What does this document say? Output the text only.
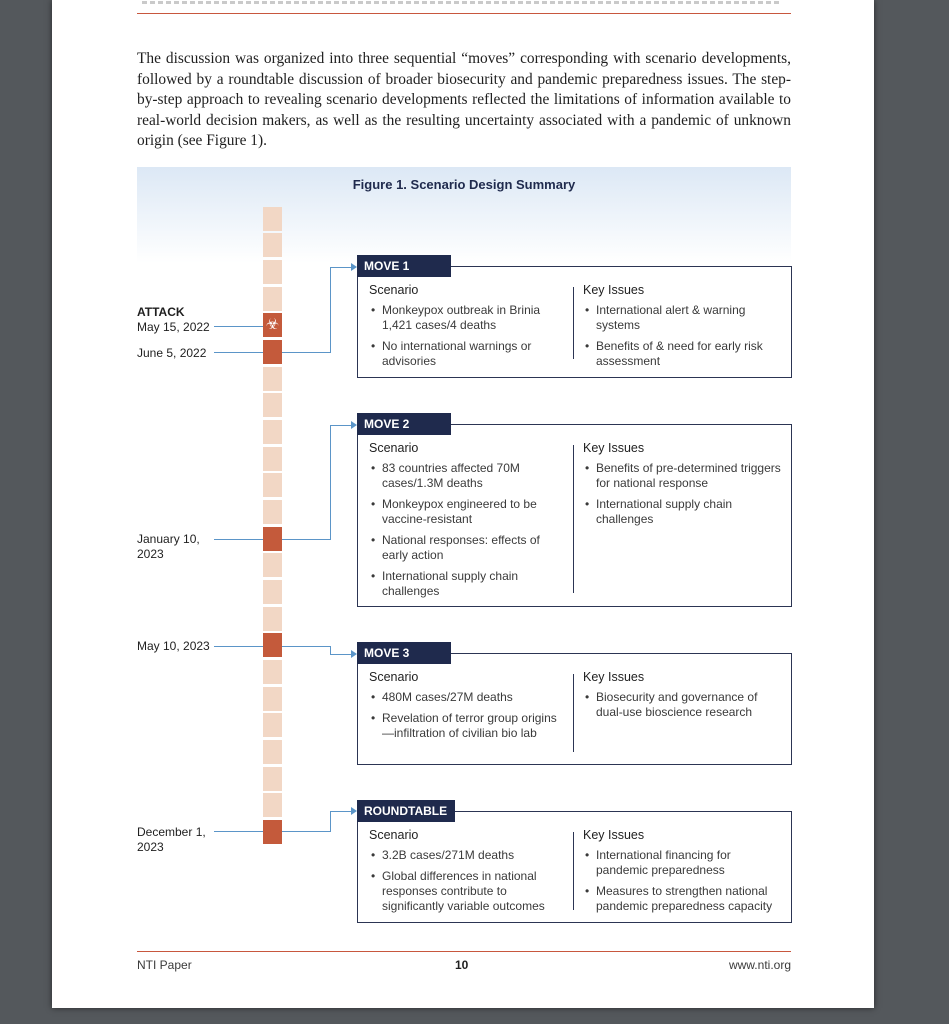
The discussion was organized into three sequential “moves” corresponding with scenario developments, followed by a roundtable discussion of broader biosecurity and pandemic preparedness issues. The step-by-step approach to revealing scenario developments reflected the limitations of information available to real-world decision makers, as well as the resulting uncertainty associated with a pandemic of unknown origin (see Figure 1).

Figure 1. Scenario Design Summary
☣
ATTACK
May 15, 2022
June 5, 2022
January 10, 2023
May 10, 2023
December 1, 2023
Scenario
• Monkeypox outbreak in Brinia 1,421 cases/4 deaths
• No international warnings or advisories
Key Issues
• International alert & warning systems
• Benefits of & need for early risk assessment
MOVE 1
Scenario
• 83 countries affected 70M cases/1.3M deaths
• Monkeypox engineered to be vaccine-resistant
• National responses: effects of early action
• International supply chain challenges
Key Issues
• Benefits of pre-determined triggers for national response
• International supply chain challenges
MOVE 2
Scenario
• 480M cases/27M deaths
• Revelation of terror group origins—infiltration of civilian bio lab
Key Issues
• Biosecurity and governance of dual-use bioscience research
MOVE 3
Scenario
• 3.2B cases/271M deaths
• Global differences in national responses contribute to significantly variable outcomes
Key Issues
• International financing for pandemic preparedness
• Measures to strengthen national pandemic preparedness capacity
ROUNDTABLE
NTI Paper	10	www.nti.org
